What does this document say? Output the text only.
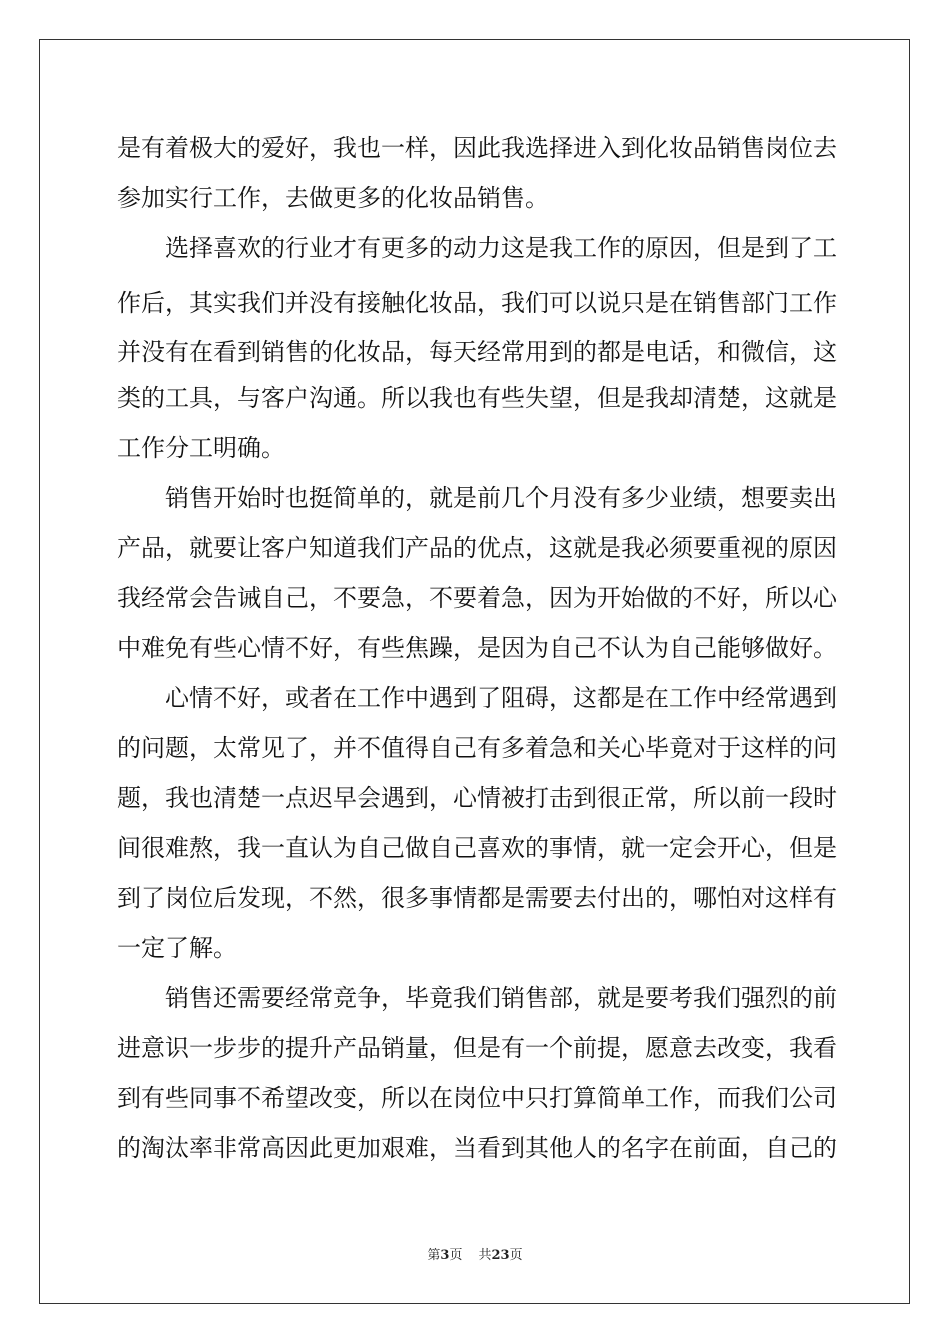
是有着极大的爱好，我也一样，因此我选择进入到化妆品销售岗位去
参加实行工作，去做更多的化妆品销售。
　　选择喜欢的行业才有更多的动力这是我工作的原因，但是到了工
作后，其实我们并没有接触化妆品，我们可以说只是在销售部门工作
并没有在看到销售的化妆品，每天经常用到的都是电话，和微信，这
类的工具，与客户沟通。所以我也有些失望，但是我却清楚，这就是
工作分工明确。
　　销售开始时也挺简单的，就是前几个月没有多少业绩，想要卖出
产品，就要让客户知道我们产品的优点，这就是我必须要重视的原因
我经常会告诫自己，不要急，不要着急，因为开始做的不好，所以心
中难免有些心情不好，有些焦躁，是因为自己不认为自己能够做好。
　　心情不好，或者在工作中遇到了阻碍，这都是在工作中经常遇到
的问题，太常见了，并不值得自己有多着急和关心毕竟对于这样的问
题，我也清楚一点迟早会遇到，心情被打击到很正常，所以前一段时
间很难熬，我一直认为自己做自己喜欢的事情，就一定会开心，但是
到了岗位后发现，不然，很多事情都是需要去付出的，哪怕对这样有
一定了解。
　　销售还需要经常竞争，毕竟我们销售部，就是要考我们强烈的前
进意识一步步的提升产品销量，但是有一个前提，愿意去改变，我看
到有些同事不希望改变，所以在岗位中只打算简单工作，而我们公司
的淘汰率非常高因此更加艰难，当看到其他人的名字在前面，自己的
第3页 共23页
